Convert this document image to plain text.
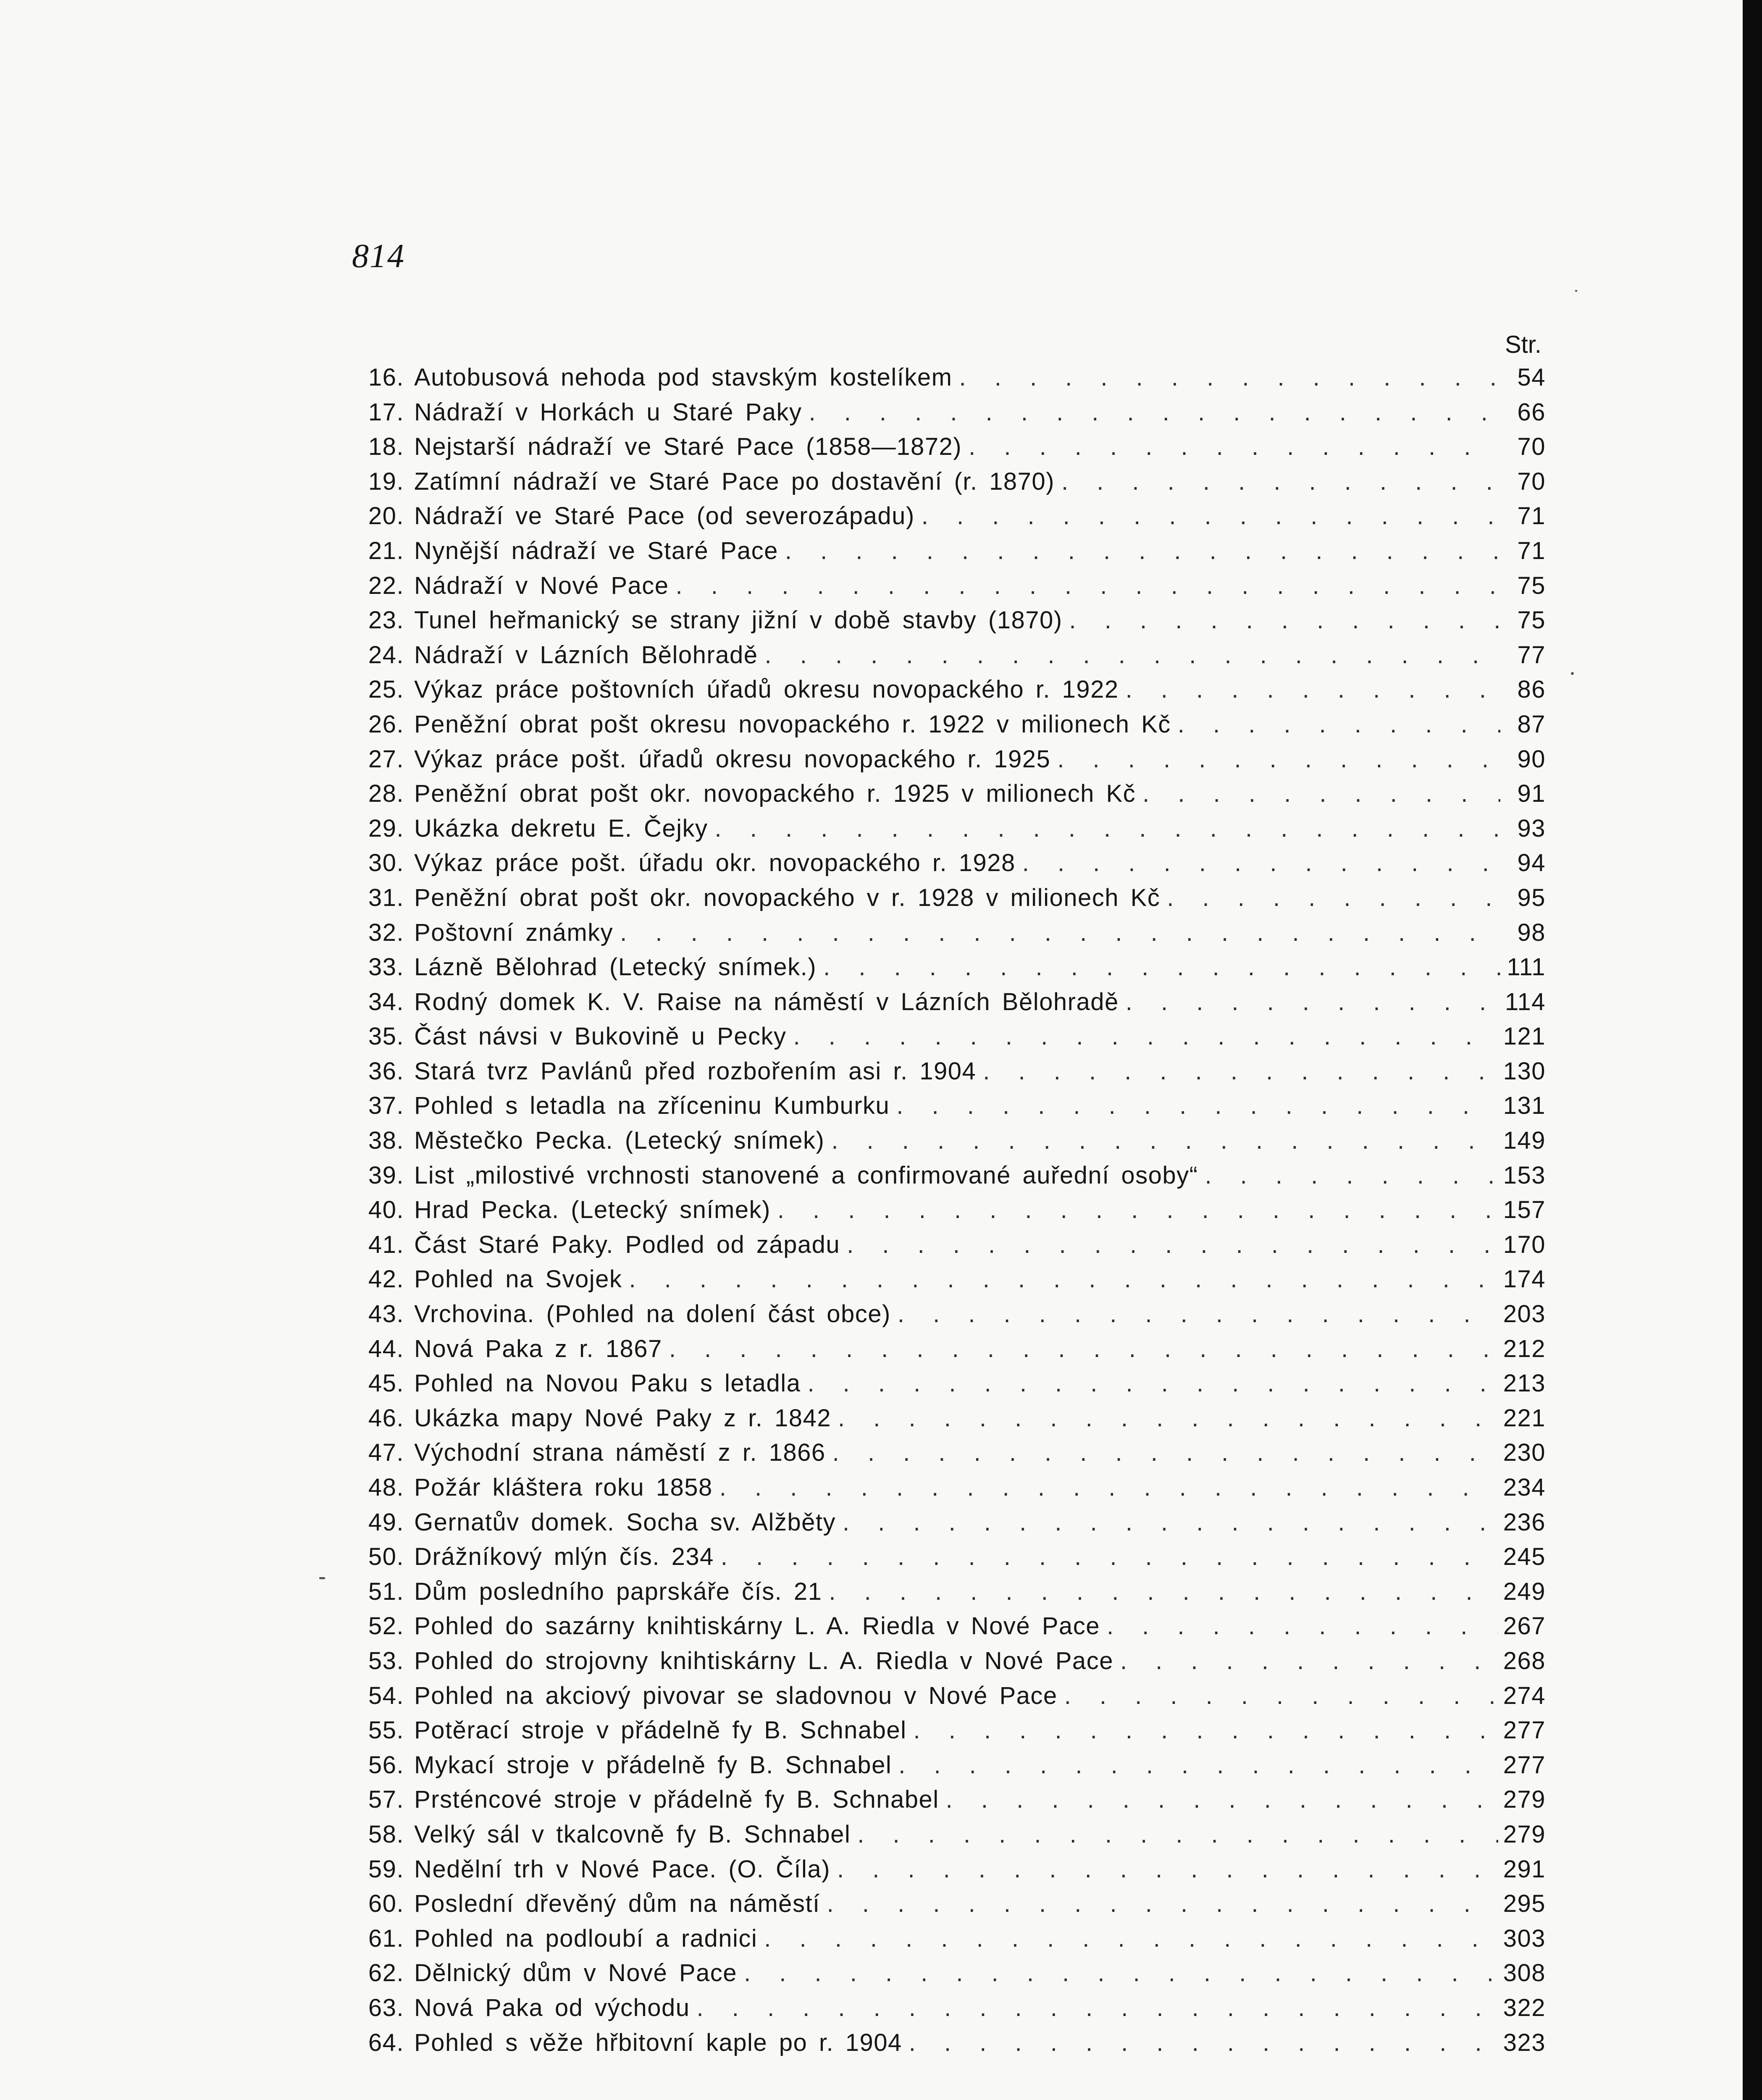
814
Str.
16. Autobusová nehoda pod stavským kostelíkem . . .	54
17. Nádraží v Horkách u Staré Paky . . .	66
18. Nejstarší nádraží ve Staré Pace (1858—1872) . . .	70
19. Zatímní nádraží ve Staré Pace po dostavění (r. 1870) . . .	70
20. Nádraží ve Staré Pace (od severozápadu) . . .	71
21. Nynější nádraží ve Staré Pace . . .	71
22. Nádraží v Nové Pace . . .	75
23. Tunel heřmanický se strany jižní v době stavby (1870) . . .	75
24. Nádraží v Lázních Bělohradě . . .	77
25. Výkaz práce poštovních úřadů okresu novopackého r. 1922 . . .	86
26. Peněžní obrat pošt okresu novopackého r. 1922 v milionech Kč . . .	87
27. Výkaz práce pošt. úřadů okresu novopackého r. 1925 . . .	90
28. Peněžní obrat pošt okr. novopackého r. 1925 v milionech Kč . . .	91
29. Ukázka dekretu E. Čejky . . .	93
30. Výkaz práce pošt. úřadu okr. novopackého r. 1928 . . .	94
31. Peněžní obrat pošt okr. novopackého v r. 1928 v milionech Kč . . .	95
32. Poštovní známky . . .	98
33. Lázně Bělohrad (Letecký snímek.) . . .	111
34. Rodný domek K. V. Raise na náměstí v Lázních Bělohradě . . .	114
35. Část návsi v Bukovině u Pecky . . .	121
36. Stará tvrz Pavlánů před rozbořením asi r. 1904 . . .	130
37. Pohled s letadla na zříceninu Kumburku . . .	131
38. Městečko Pecka. (Letecký snímek) . . .	149
39. List „milostivé vrchnosti stanovené a confirmované auřední osoby“ . . .	153
40. Hrad Pecka. (Letecký snímek) . . .	157
41. Část Staré Paky. Podled od západu . . .	170
42. Pohled na Svojek . . .	174
43. Vrchovina. (Pohled na dolení část obce) . . .	203
44. Nová Paka z r. 1867 . . .	212
45. Pohled na Novou Paku s letadla . . .	213
46. Ukázka mapy Nové Paky z r. 1842 . . .	221
47. Východní strana náměstí z r. 1866 . . .	230
48. Požár kláštera roku 1858 . . .	234
49. Gernatův domek. Socha sv. Alžběty . . .	236
50. Drážníkový mlýn čís. 234 . . .	245
51. Dům posledního paprskáře čís. 21 . . .	249
52. Pohled do sazárny knihtiskárny L. A. Riedla v Nové Pace . . .	267
53. Pohled do strojovny knihtiskárny L. A. Riedla v Nové Pace . . .	268
54. Pohled na akciový pivovar se sladovnou v Nové Pace . . .	274
55. Potěrací stroje v přádelně fy B. Schnabel . . .	277
56. Mykací stroje v přádelně fy B. Schnabel . . .	277
57. Prsténcové stroje v přádelně fy B. Schnabel . . .	279
58. Velký sál v tkalcovně fy B. Schnabel . . .	279
59. Nedělní trh v Nové Pace. (O. Číla) . . .	291
60. Poslední dřevěný dům na náměstí . . .	295
61. Pohled na podloubí a radnici . . .	303
62. Dělnický dům v Nové Pace . . .	308
63. Nová Paka od východu . . .	322
64. Pohled s věže hřbitovní kaple po r. 1904 . . .	323
